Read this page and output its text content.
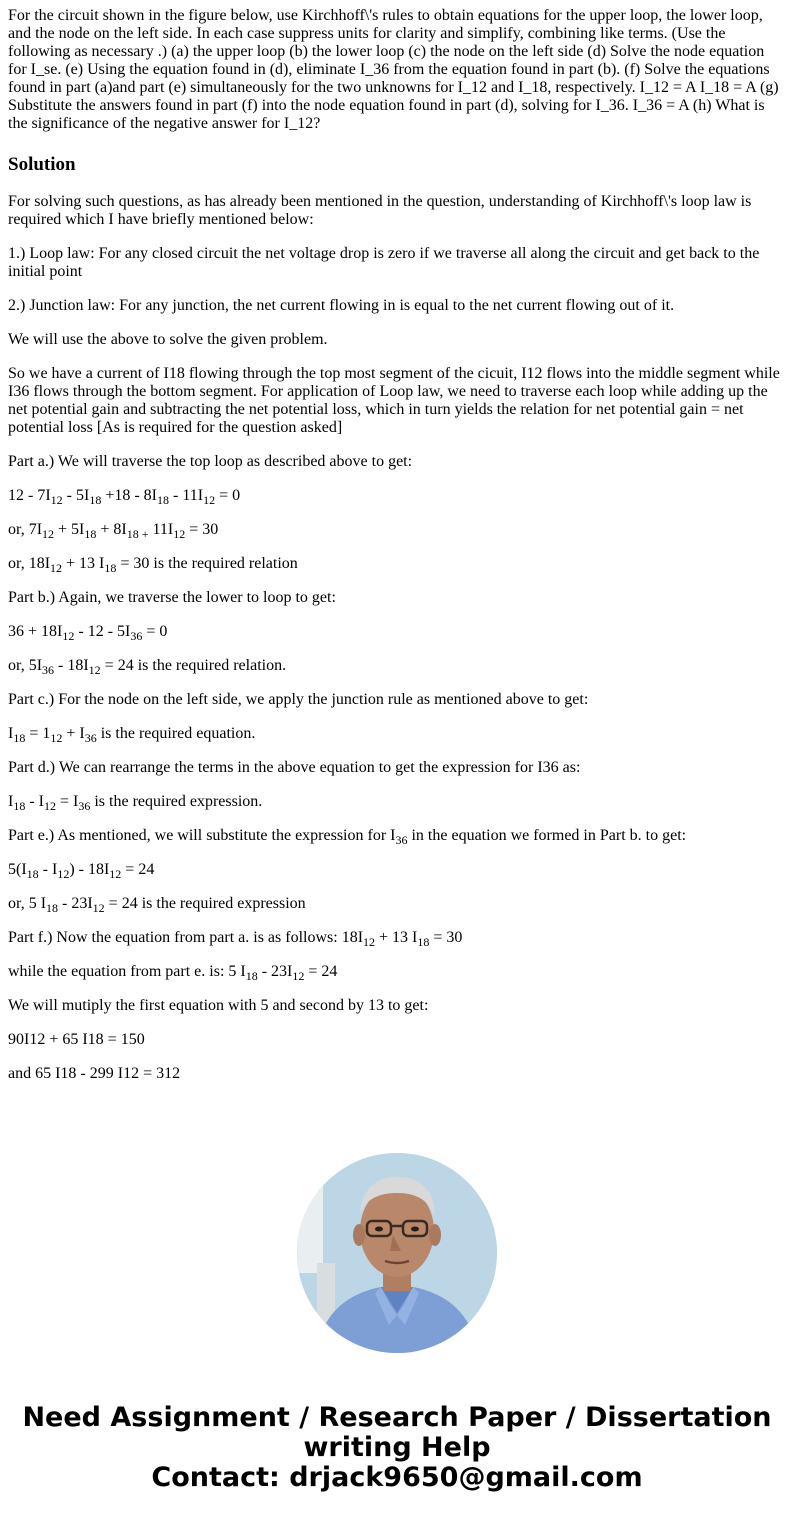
For the circuit shown in the figure below, use Kirchhoff\'s rules to obtain equations for the upper loop, the lower loop, and the node on the left side. In each case suppress units for clarity and simplify, combining like terms. (Use the following as necessary .) (a) the upper loop (b) the lower loop (c) the node on the left side (d) Solve the node equation for I_se. (e) Using the equation found in (d), eliminate I_36 from the equation found in part (b). (f) Solve the equations found in part (a)and part (e) simultaneously for the two unknowns for I_12 and I_18, respectively. I_12 = A I_18 = A (g) Substitute the answers found in part (f) into the node equation found in part (d), solving for I_36. I_36 = A (h) What is the significance of the negative answer for I_12?

Solution

For solving such questions, as has already been mentioned in the question, understanding of Kirchhoff\'s loop law is required which I have briefly mentioned below:

1.) Loop law: For any closed circuit the net voltage drop is zero if we traverse all along the circuit and get back to the initial point

2.) Junction law: For any junction, the net current flowing in is equal to the net current flowing out of it.

We will use the above to solve the given problem.

So we have a current of I18 flowing through the top most segment of the cicuit, I12 flows into the middle segment while I36 flows through the bottom segment. For application of Loop law, we need to traverse each loop while adding up the net potential gain and subtracting the net potential loss, which in turn yields the relation for net potential gain = net potential loss [As is required for the question asked]

Part a.) We will traverse the top loop as described above to get:

$12 - 7I_{12} - 5I_{18} +18 - 8I_{18} - 11I_{12} = 0$

or, $7I_{12} + 5I_{18} + 8I_{18 +}$ $11I_{12} = 30$

or, $18I_{12} + 13$ $I_{18} = 30$ is the required relation

Part b.) Again, we traverse the lower to loop to get:

$36 + 18I_{12} - 12 - 5I_{36} = 0$

or, $5I_{36} - 18I_{12} = 24$ is the required relation.

Part c.) For the node on the left side, we apply the junction rule as mentioned above to get:

$I_{18} = 1_{12} + I_{36}$ is the required equation.

Part d.) We can rearrange the terms in the above equation to get the expression for I36 as:

$I_{18} - I_{12} = I_{36}$ is the required expression.

Part e.) As mentioned, we will substitute the expression for $I_{36}$ in the equation we formed in Part b. to get:

$5(I_{18} - I_{12}) - 18I_{12} = 24$

or, 5 $I_{18} - 23I_{12} = 24$ is the required expression

Part f.) Now the equation from part a. is as follows: $18I_{12} + 13$ $I_{18} = 30$

while the equation from part e. is: 5 $I_{18} - 23I_{12} = 24$

We will mutiply the first equation with 5 and second by 13 to get:

90I12 + 65 I18 = 150

and 65 I18 - 299 I12 = 312

Need Assignment / Research Paper / Dissertation
writing Help
Contact: drjack9650@gmail.com
